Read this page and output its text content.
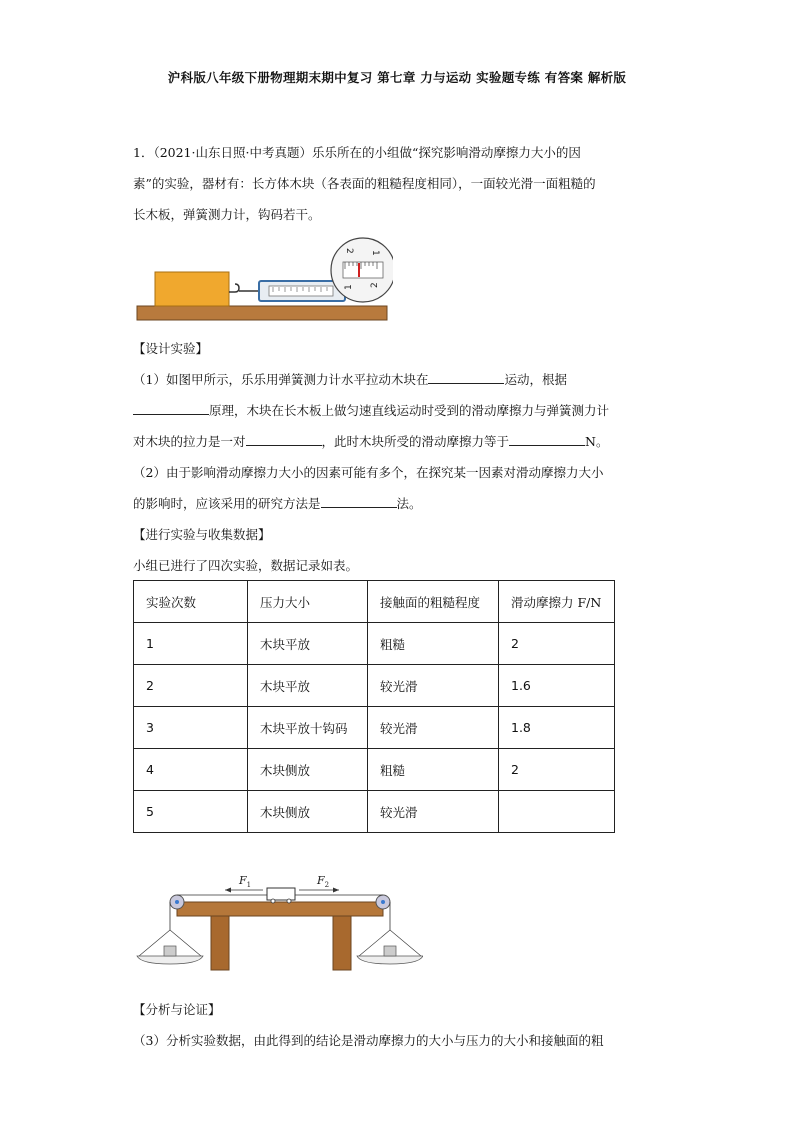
沪科版八年级下册物理期末期中复习 第七章 力与运动 实验题专练 有答案 解析版
1．（2021·山东日照·中考真题）乐乐所在的小组做“探究影响滑动摩擦力大小的因
素”的实验，器材有：长方体木块（各表面的粗糙程度相同），一面较光滑一面粗糙的
长木板，弹簧测力计，钩码若干。
1
2
2
1
【设计实验】
（1）如图甲所示，乐乐用弹簧测力计水平拉动木块在	运动，根据
原理，木块在长木板上做匀速直线运动时受到的滑动摩擦力与弹簧测力计
对木块的拉力是一对	，此时木块所受的滑动摩擦力等于	N。
（2）由于影响滑动摩擦力大小的因素可能有多个，在探究某一因素对滑动摩擦力大小
的影响时，应该采用的研究方法是	法。
【进行实验与收集数据】
小组已进行了四次实验，数据记录如表。
实验次数	压力大小	接触面的粗糙程度	滑动摩擦力 F/N
1	木块平放	粗糙	2
2	木块平放	较光滑	1.6
3	木块平放十钩码	较光滑	1.8
4	木块侧放	粗糙	2
5	木块侧放	较光滑	
$F_1$	$F_2$
【分析与论证】
（3）分析实验数据，由此得到的结论是滑动摩擦力的大小与压力的大小和接触面的粗
